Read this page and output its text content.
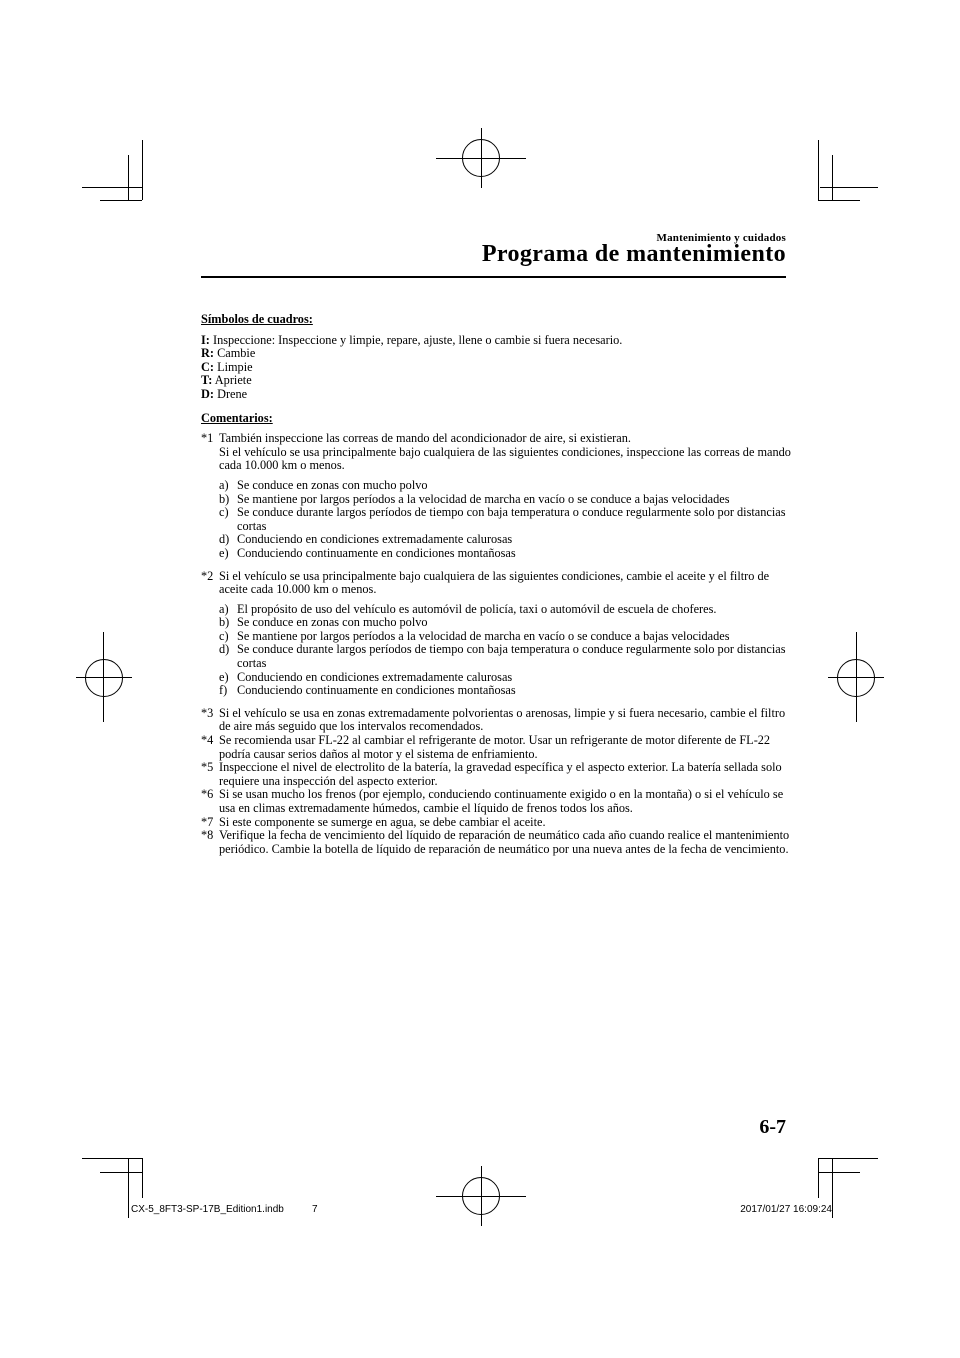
Mantenimiento y cuidados
Programa de mantenimiento
Símbolos de cuadros:

I: Inspeccione: Inspeccione y limpie, repare, ajuste, llene o cambie si fuera necesario.

R: Cambie

C: Limpie

T: Apriete

D: Drene

Comentarios:
*1 También inspeccione las correas de mando del acondicionador de aire, si existieran.

Si el vehículo se usa principalmente bajo cualquiera de las siguientes condiciones, inspeccione las correas de mando cada 10.000 km o menos.

a) Se conduce en zonas con mucho polvo
b) Se mantiene por largos períodos a la velocidad de marcha en vacío o se conduce a bajas velocidades
c) Se conduce durante largos períodos de tiempo con baja temperatura o conduce regularmente solo por distancias cortas
d) Conduciendo en condiciones extremadamente calurosas
e) Conduciendo continuamente en condiciones montañosas
*2 Si el vehículo se usa principalmente bajo cualquiera de las siguientes condiciones, cambie el aceite y el filtro de aceite cada 10.000 km o menos.

a) El propósito de uso del vehículo es automóvil de policía, taxi o automóvil de escuela de choferes.
b) Se conduce en zonas con mucho polvo
c) Se mantiene por largos períodos a la velocidad de marcha en vacío o se conduce a bajas velocidades
d) Se conduce durante largos períodos de tiempo con baja temperatura o conduce regularmente solo por distancias cortas
e) Conduciendo en condiciones extremadamente calurosas
f) Conduciendo continuamente en condiciones montañosas
*3 Si el vehículo se usa en zonas extremadamente polvorientas o arenosas, limpie y si fuera necesario, cambie el filtro de aire más seguido que los intervalos recomendados.

*4 Se recomienda usar FL-22 al cambiar el refrigerante de motor. Usar un refrigerante de motor diferente de FL-22 podría causar serios daños al motor y el sistema de enfriamiento.

*5 Inspeccione el nivel de electrolito de la batería, la gravedad específica y el aspecto exterior. La batería sellada solo requiere una inspección del aspecto exterior.

*6 Si se usan mucho los frenos (por ejemplo, conduciendo continuamente exigido o en la montaña) o si el vehículo se usa en climas extremadamente húmedos, cambie el líquido de frenos todos los años.

*7 Si este componente se sumerge en agua, se debe cambiar el aceite.

*8 Verifique la fecha de vencimiento del líquido de reparación de neumático cada año cuando realice el mantenimiento periódico. Cambie la botella de líquido de reparación de neumático por una nueva antes de la fecha de vencimiento.

6-7
CX-5_8FT3-SP-17B_Edition1.indb	7	2017/01/27 16:09:24
